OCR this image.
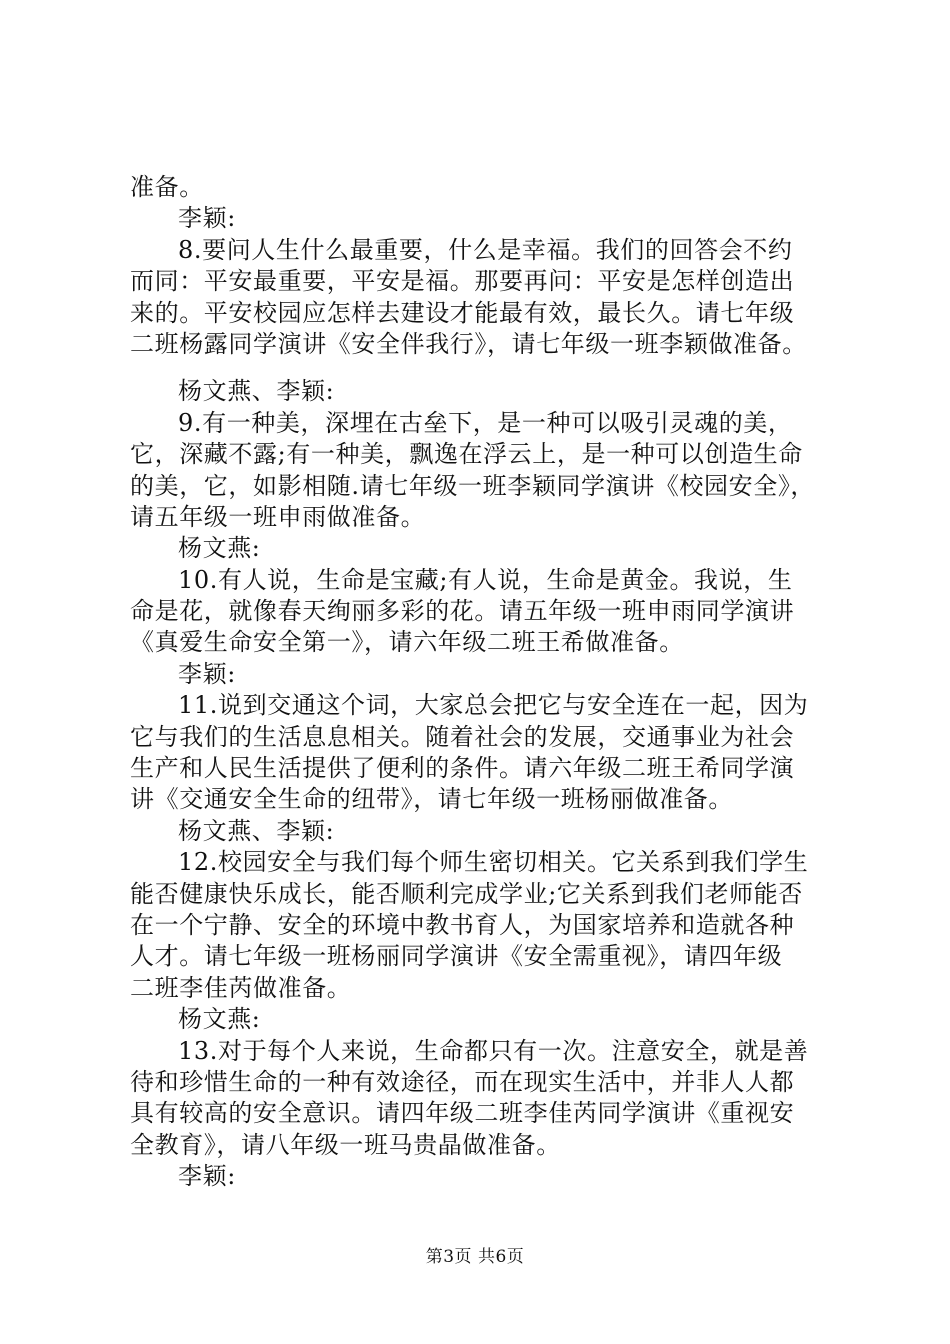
准备。
李颖:
8.要问人生什么最重要，什么是幸福。我们的回答会不约
而同：平安最重要，平安是福。那要再问：平安是怎样创造出
来的。平安校园应怎样去建设才能最有效，最长久。请七年级
二班杨露同学演讲《安全伴我行》，请七年级一班李颖做准备。
杨文燕、李颖:
9.有一种美，深埋在古垒下，是一种可以吸引灵魂的美，
它，深藏不露;有一种美，飘逸在浮云上，是一种可以创造生命
的美，它，如影相随.请七年级一班李颖同学演讲《校园安全》，
请五年级一班申雨做准备。
杨文燕:
10.有人说，生命是宝藏;有人说，生命是黄金。我说，生
命是花，就像春天绚丽多彩的花。请五年级一班申雨同学演讲
《真爱生命安全第一》，请六年级二班王希做准备。
李颖:
11.说到交通这个词，大家总会把它与安全连在一起，因为
它与我们的生活息息相关。随着社会的发展，交通事业为社会
生产和人民生活提供了便利的条件。请六年级二班王希同学演
讲《交通安全生命的纽带》，请七年级一班杨丽做准备。
杨文燕、李颖:
12.校园安全与我们每个师生密切相关。它关系到我们学生
能否健康快乐成长，能否顺利完成学业;它关系到我们老师能否
在一个宁静、安全的环境中教书育人，为国家培养和造就各种
人才。请七年级一班杨丽同学演讲《安全需重视》，请四年级
二班李佳芮做准备。
杨文燕:
13.对于每个人来说，生命都只有一次。注意安全，就是善
待和珍惜生命的一种有效途径，而在现实生活中，并非人人都
具有较高的安全意识。请四年级二班李佳芮同学演讲《重视安
全教育》，请八年级一班马贵晶做准备。
李颖:
第3页 共6页
